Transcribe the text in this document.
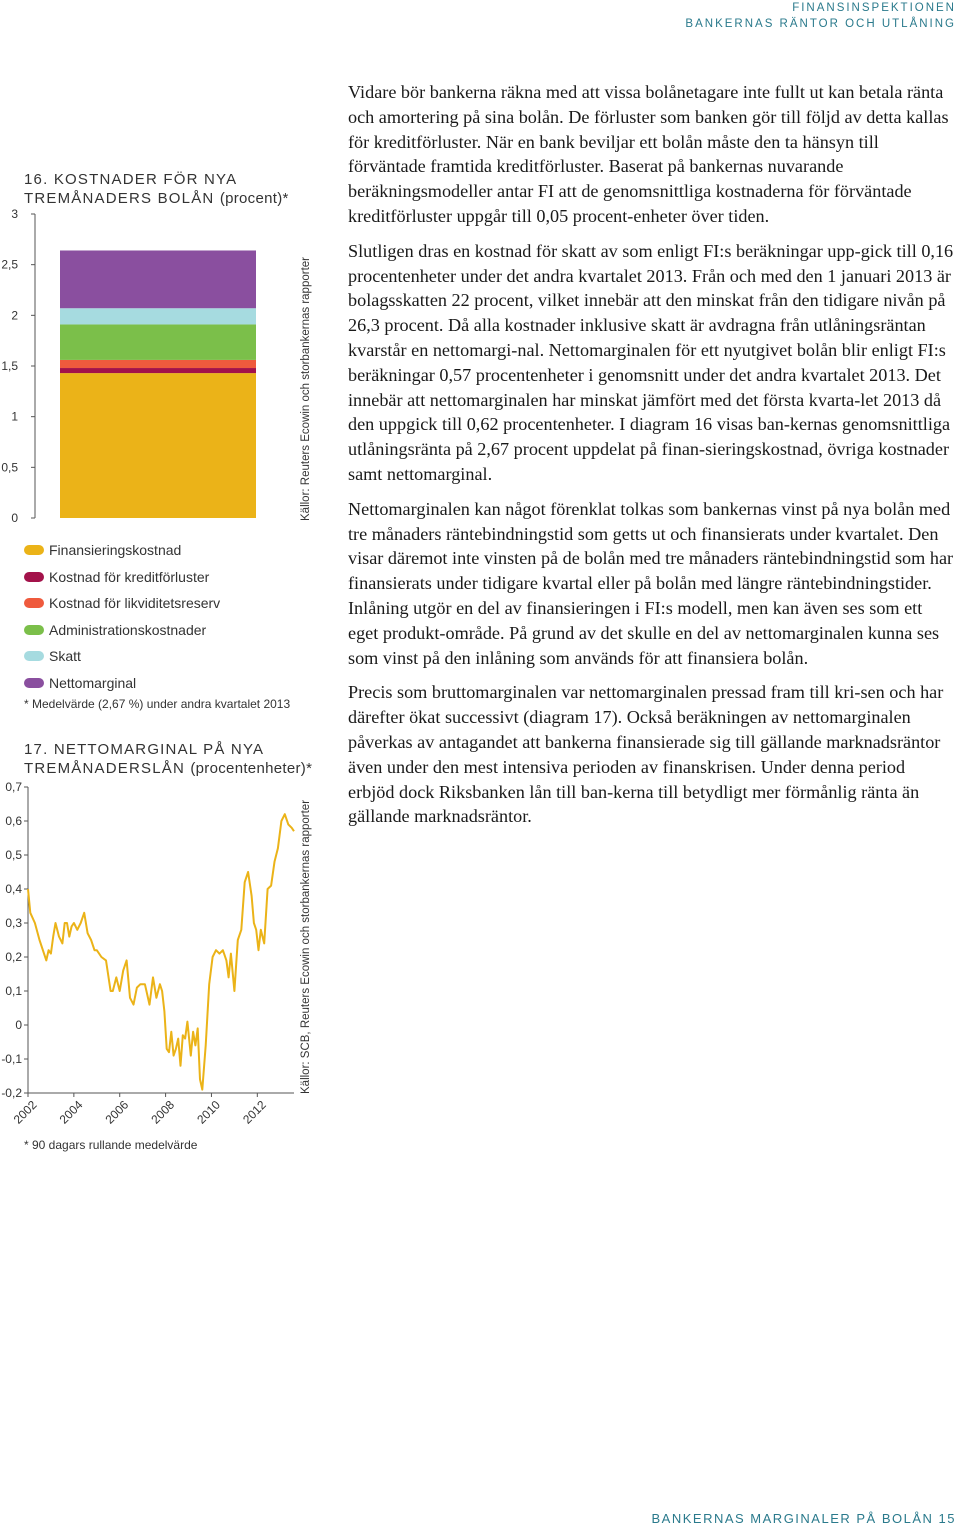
FINANSINSPEKTIONEN
BANKERNAS RÄNTOR OCH UTLÅNING
16. KOSTNADER FÖR NYA
TREMÅNADERS BOLÅN (procent)*
0
0,5
1
1,5
2
2,5
3
Källor: Reuters Ecowin och storbankernas rapporter
Finansieringskostnad
Kostnad för kreditförluster
Kostnad för likviditetsreserv
Administrationskostnader
Skatt
Nettomarginal
* Medelvärde (2,67 %) under andra kvartalet 2013
17. NETTOMARGINAL PÅ NYA
TREMÅNADERSLÅN (procentenheter)*
-0,2
-0,1
0
0,1
0,2
0,3
0,4
0,5
0,6
0,7
2002 2004 2006 2008 2010 2012
Källor: SCB, Reuters Ecowin och storbankernas rapporter
* 90 dagars rullande medelvärde

Vidare bör bankerna räkna med att vissa bolånetagare inte fullt ut kan betala ränta och amortering på sina bolån. De förluster som banken gör till följd av detta kallas för kreditförluster. När en bank beviljar ett bolån måste den ta hänsyn till förväntade framtida kreditförluster. Baserat på bankernas nuvarande beräkningsmodeller antar FI att de genomsnittliga kostnaderna för förväntade kreditförluster uppgår till 0,05 procent-enheter över tiden.

Slutligen dras en kostnad för skatt av som enligt FI:s beräkningar upp-gick till 0,16 procentenheter under det andra kvartalet 2013. Från och med den 1 januari 2013 är bolagsskatten 22 procent, vilket innebär att den minskat från den tidigare nivån på 26,3 procent. Då alla kostnader inklusive skatt är avdragna från utlåningsräntan kvarstår en nettomargi-nal. Nettomarginalen för ett nyutgivet bolån blir enligt FI:s beräkningar 0,57 procentenheter i genomsnitt under det andra kvartalet 2013. Det innebär att nettomarginalen har minskat jämfört med det första kvarta-let 2013 då den uppgick till 0,62 procentenheter. I diagram 16 visas ban-kernas genomsnittliga utlåningsränta på 2,67 procent uppdelat på finan-sieringskostnad, övriga kostnader samt nettomarginal.

Nettomarginalen kan något förenklat tolkas som bankernas vinst på nya bolån med tre månaders räntebindningstid som getts ut och finansierats under kvartalet. Den visar däremot inte vinsten på de bolån med tre månaders räntebindningstid som har finansierats under tidigare kvartal eller på bolån med längre räntebindningstider. Inlåning utgör en del av finansieringen i FI:s modell, men kan även ses som ett eget produkt-område. På grund av det skulle en del av nettomarginalen kunna ses som vinst på den inlåning som används för att finansiera bolån.

Precis som bruttomarginalen var nettomarginalen pressad fram till kri-sen och har därefter ökat successivt (diagram 17). Också beräkningen av nettomarginalen påverkas av antagandet att bankerna finansierade sig till gällande marknadsräntor även under den mest intensiva perioden av finanskrisen. Under denna period erbjöd dock Riksbanken lån till ban-kerna till betydligt mer förmånlig ränta än gällande marknadsräntor.

BANKERNAS MARGINALER PÅ BOLÅN 15
